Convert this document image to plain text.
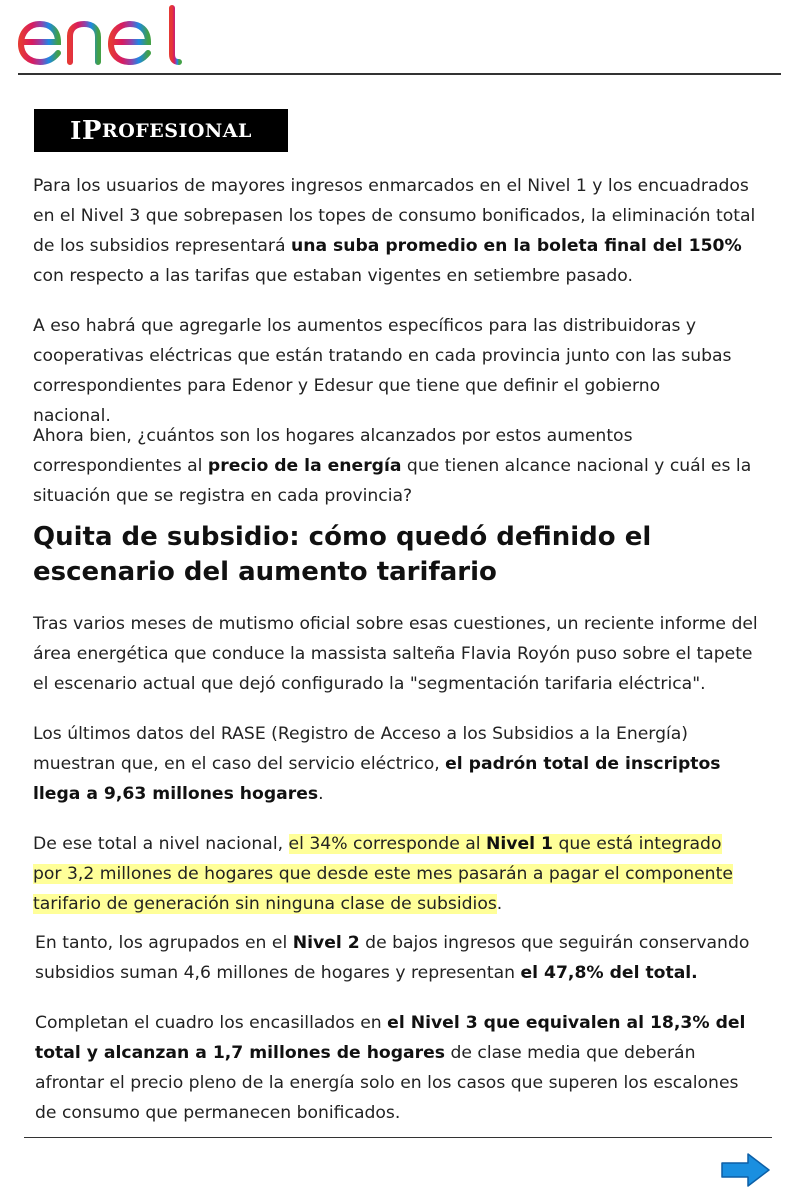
I P ROFESIONAL

Para los usuarios de mayores ingresos enmarcados en el Nivel 1 y los encuadrados en el Nivel 3 que sobrepasen los topes de consumo bonificados, la eliminación total de los subsidios representará una suba promedio en la boleta final del 150% con respecto a las tarifas que estaban vigentes en setiembre pasado.

A eso habrá que agregarle los aumentos específicos para las distribuidoras y cooperativas eléctricas que están tratando en cada provincia junto con las subas correspondientes para Edenor y Edesur que tiene que definir el gobierno nacional.

Ahora bien, ¿cuántos son los hogares alcanzados por estos aumentos correspondientes al precio de la energía que tienen alcance nacional y cuál es la situación que se registra en cada provincia?

Quita de subsidio: cómo quedó definido el escenario del aumento tarifario

Tras varios meses de mutismo oficial sobre esas cuestiones, un reciente informe del área energética que conduce la massista salteña Flavia Royón puso sobre el tapete el escenario actual que dejó configurado la "segmentación tarifaria eléctrica".

Los últimos datos del RASE (Registro de Acceso a los Subsidios a la Energía) muestran que, en el caso del servicio eléctrico, el padrón total de inscriptos llega a 9,63 millones hogares.

De ese total a nivel nacional, el 34% corresponde al Nivel 1 que está integrado por 3,2 millones de hogares que desde este mes pasarán a pagar el componente tarifario de generación sin ninguna clase de subsidios.

En tanto, los agrupados en el Nivel 2 de bajos ingresos que seguirán conservando subsidios suman 4,6 millones de hogares y representan el 47,8% del total.

Completan el cuadro los encasillados en el Nivel 3 que equivalen al 18,3% del total y alcanzan a 1,7 millones de hogares de clase media que deberán afrontar el precio pleno de la energía solo en los casos que superen los escalones de consumo que permanecen bonificados.
